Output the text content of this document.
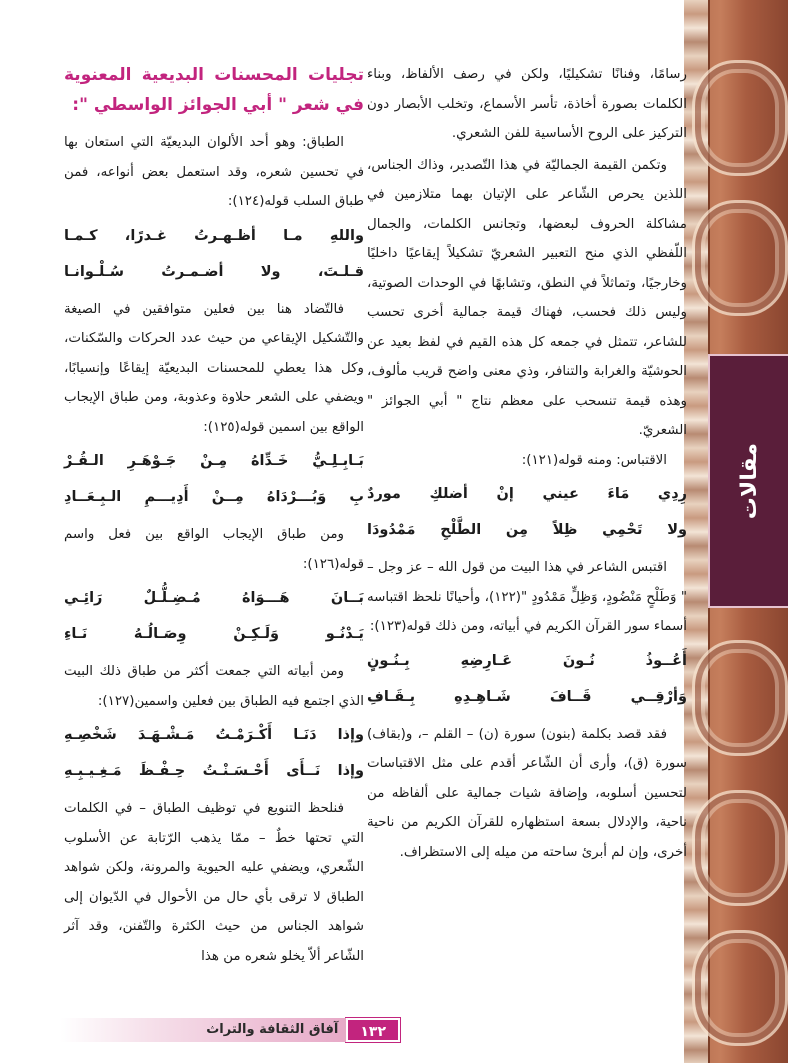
مقالات

رسامًا، وفنانًا تشكيليًا، ولكن في رصف الألفاظ، وبناء الكلمات بصورة أخاذة، تأسر الأسماع، وتخلب الأبصار دون التركيز على الروح الأساسية للفن الشعري.

وتكمن القيمة الجماليّة في هذا التّصدير، وذاك الجناس، اللذين يحرص الشّاعر على الإتيان بهما متلازمين في مشاكلة الحروف لبعضها، وتجانس الكلمات، والجمال اللّفظي الذي منح التعبير الشعريّ تشكيلاً إيقاعيًا داخليًا وخارجيًا، وتماثلاً في النطق، وتشابهًا في الوحدات الصوتية، وليس ذلك فحسب، فهناك قيمة جمالية أخرى تحسب للشاعر، تتمثل في جمعه كل هذه القيم في لفظ بعيد عن الحوشيّة والغرابة والتنافر، وذي معنى واضح قريب مألوف، وهذه قيمة تنسحب على معظم نتاج " أبي الجوائز " الشعريّ.

الاقتباس: ومنه قوله(١٢١):

رِدِي مَاءَ عيني إنْ أضلكِ موردٌ
ولا تَحْمِي ظِلاً مِن الطَّلْحِ مَمْدُودَا

اقتبس الشاعر في هذا البيت من قول الله – عز وجل – " وَطَلْحٍ مَنْضُودٍ، وَظِلٍّ مَمْدُودٍ "(١٢٢)، وأحيانًا نلحظ اقتباسه أسماء سور القرآن الكريم في أبياته، ومن ذلك قوله(١٢٣):

أَعُــوذُ نُـونَ عَـارِضِهِ بِـنُـونٍ
وَأرْقِــي قَــافَ شَـاهِـدِهِ بِـقَـافِ

فقد قصد بكلمة (بنون) سورة (ن) – القلم –، و(بقاف) سورة (ق)، وأرى أن الشّاعر أقدم على مثل الاقتباسات لتحسين أسلوبه، وإضافة شيات جمالية على ألفاظه من ناحية، والإدلال بسعة استظهاره للقرآن الكريم من ناحية أخرى، وإن لم أبرئ ساحته من ميله إلى الاستظراف.

تجليات المحسنات البديعية المعنوية في شعر " أبي الجوائز الواسطي ":

الطباق: وهو أحد الألوان البديعيّة التي استعان بها في تحسين شعره، وقد استعمل بعض أنواعه، فمن طباق السلب قوله(١٢٤):

واللهِ مـا أظـهـرتُ غـدرًا، كـمـا
قـلـتَ، ولا أضـمـرتُ سُـلْـوانـا

فالتّضاد هنا بين فعلين متوافقين في الصيغة والتّشكيل الإيقاعي من حيث عدد الحركات والسّكنات، وكل هذا يعطي للمحسنات البديعيّة إيقاعًا وإنسيابًا، ويضفي على الشعر حلاوة وعذوبة، ومن طباق الإيجاب الواقع بين اسمين قوله(١٢٥):

بَـابِـلِـيُّ خَـدِّاهُ مِـنْ جَـوْهَـرِ الـقُـرْ
بِ وَبُـــرْدَاهُ مِــنْ أَدِيـــمِ الـبِـعَــادِ

ومن طباق الإيجاب الواقع بين فعل واسم قوله(١٢٦):

بَــانَ هَـــوَاهُ مُـضِـلُّـلٌ رَائِـي
يَـدْنُـو وَلَـكِـنْ وِصَـالُـهُ نَـاءِ

ومن أبياته التي جمعت أكثر من طباق ذلك البيت الذي اجتمع فيه الطباق بين فعلين واسمين(١٢٧):

وإذا دَنَـا أَكْـرَمْـتُ مَـشْـهَـدَ شَخْصِـهِ
وإذا نَــأَى أَحْـسَـنْـتُ حِـفْـظَ مَـغِـيـبِـهِ

فنلحظ التنويع في توظيف الطباق – في الكلمات التي تحتها خطٌ – ممّا يذهب الرّتابة عن الأسلوب الشّعري، ويضفي عليه الحيوية والمرونة، ولكن شواهد الطباق لا ترقى بأي حال من الأحوال في الدّيوان إلى شواهد الجناس من حيث الكثرة والتّفنن، وقد آثر الشّاعر ألاّ يخلو شعره من هذا

١٣٢
آفاق الثقافة والتراث
